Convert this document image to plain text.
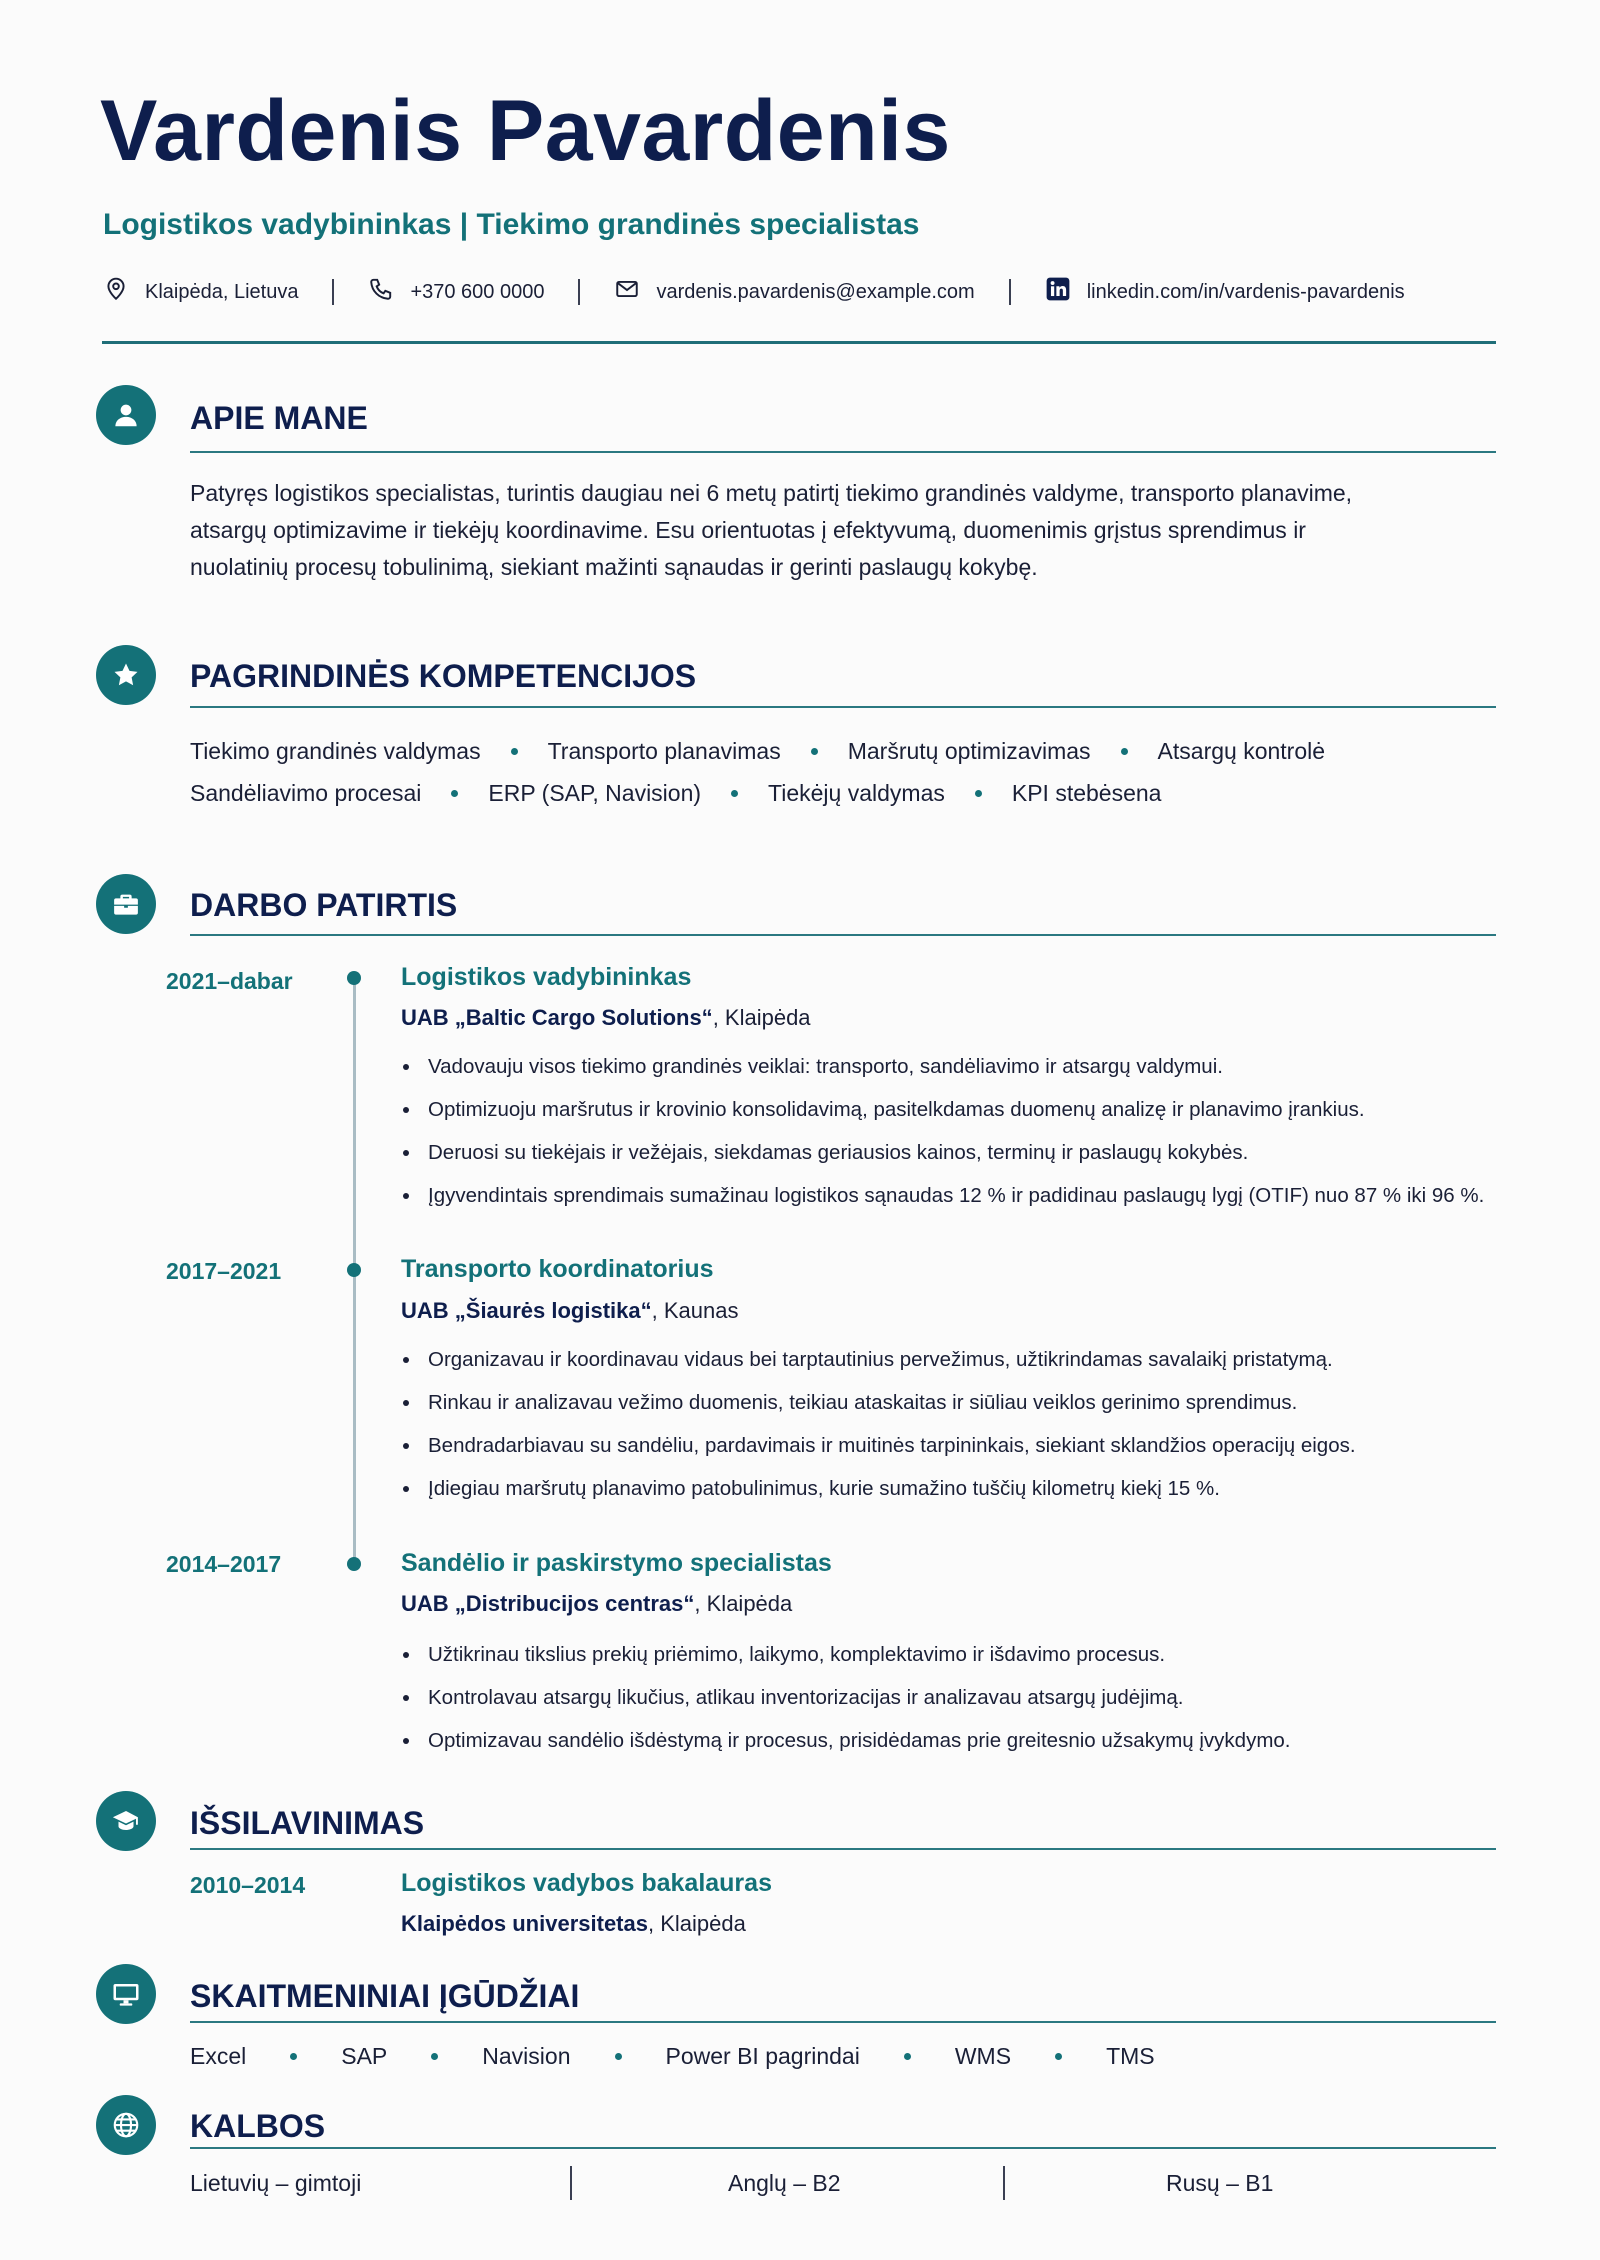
Vardenis Pavardenis
Logistikos vadybininkas | Tiekimo grandinės specialistas
Klaipėda, Lietuva	+370 600 0000	vardenis.pavardenis@example.com	linkedin.com/in/vardenis-pavardenis
APIE MANE
Patyręs logistikos specialistas, turintis daugiau nei 6 metų patirtį tiekimo grandinės valdyme, transporto planavime,
atsargų optimizavime ir tiekėjų koordinavime. Esu orientuotas į efektyvumą, duomenimis grįstus sprendimus ir
nuolatinių procesų tobulinimą, siekiant mažinti sąnaudas ir gerinti paslaugų kokybę.
PAGRINDINĖS KOMPETENCIJOS
Tiekimo grandinės valdymas	Transporto planavimas	Maršrutų optimizavimas	Atsargų kontrolė
Sandėliavimo procesai	ERP (SAP, Navision)	Tiekėjų valdymas	KPI stebėsena
DARBO PATIRTIS
2021–dabar	Logistikos vadybininkas
UAB „Baltic Cargo Solutions“, Klaipėda
Vadovauju visos tiekimo grandinės veiklai: transporto, sandėliavimo ir atsargų valdymui.
Optimizuoju maršrutus ir krovinio konsolidavimą, pasitelkdamas duomenų analizę ir planavimo įrankius.
Deruosi su tiekėjais ir vežėjais, siekdamas geriausios kainos, terminų ir paslaugų kokybės.
Įgyvendintais sprendimais sumažinau logistikos sąnaudas 12 % ir padidinau paslaugų lygį (OTIF) nuo 87 % iki 96 %.
2017–2021	Transporto koordinatorius
UAB „Šiaurės logistika“, Kaunas
Organizavau ir koordinavau vidaus bei tarptautinius pervežimus, užtikrindamas savalaikį pristatymą.
Rinkau ir analizavau vežimo duomenis, teikiau ataskaitas ir siūliau veiklos gerinimo sprendimus.
Bendradarbiavau su sandėliu, pardavimais ir muitinės tarpininkais, siekiant sklandžios operacijų eigos.
Įdiegiau maršrutų planavimo patobulinimus, kurie sumažino tuščių kilometrų kiekį 15 %.
2014–2017	Sandėlio ir paskirstymo specialistas
UAB „Distribucijos centras“, Klaipėda
Užtikrinau tikslius prekių priėmimo, laikymo, komplektavimo ir išdavimo procesus.
Kontrolavau atsargų likučius, atlikau inventorizacijas ir analizavau atsargų judėjimą.
Optimizavau sandėlio išdėstymą ir procesus, prisidėdamas prie greitesnio užsakymų įvykdymo.
IŠSILAVINIMAS
2010–2014	Logistikos vadybos bakalauras
Klaipėdos universitetas, Klaipėda
SKAITMENINIAI ĮGŪDŽIAI
Excel	SAP	Navision	Power BI pagrindai	WMS	TMS
KALBOS
Lietuvių – gimtoji	Anglų – B2	Rusų – B1
